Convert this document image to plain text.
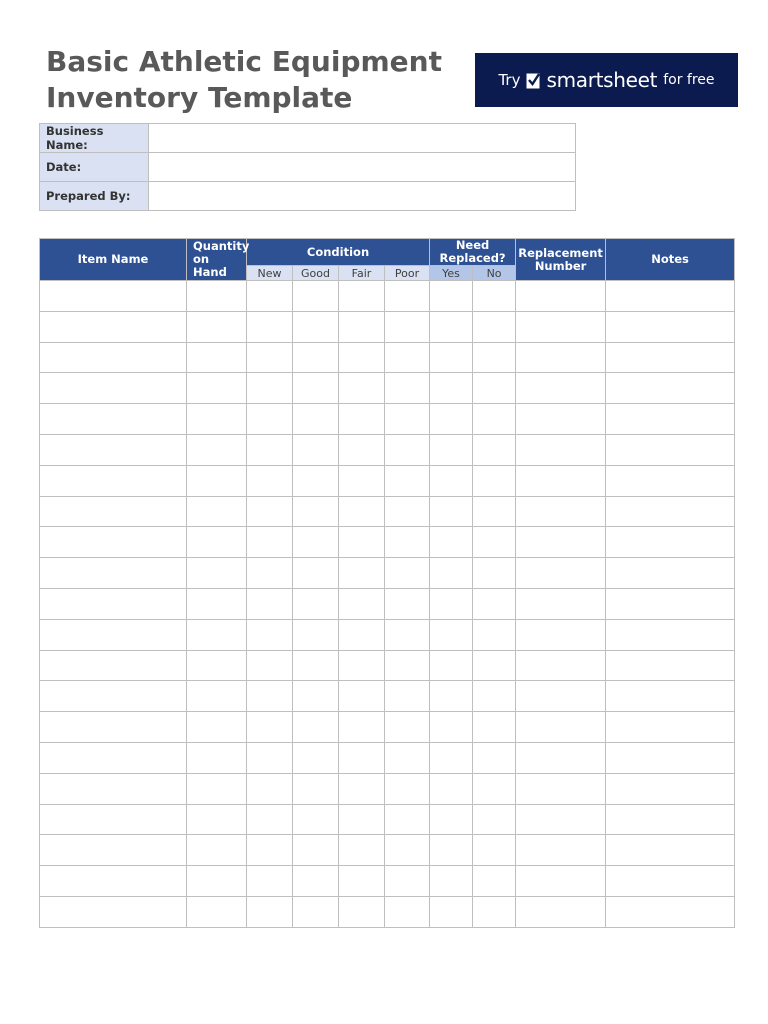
Basic Athletic Equipment
Inventory Template
Try smartsheet for free
Business Name:	
Date:	
Prepared By:	
Item Name	Quantity on Hand	Condition				Need Replaced?		Replacement Number	Notes
		New	Good	Fair	Poor	Yes	No		
